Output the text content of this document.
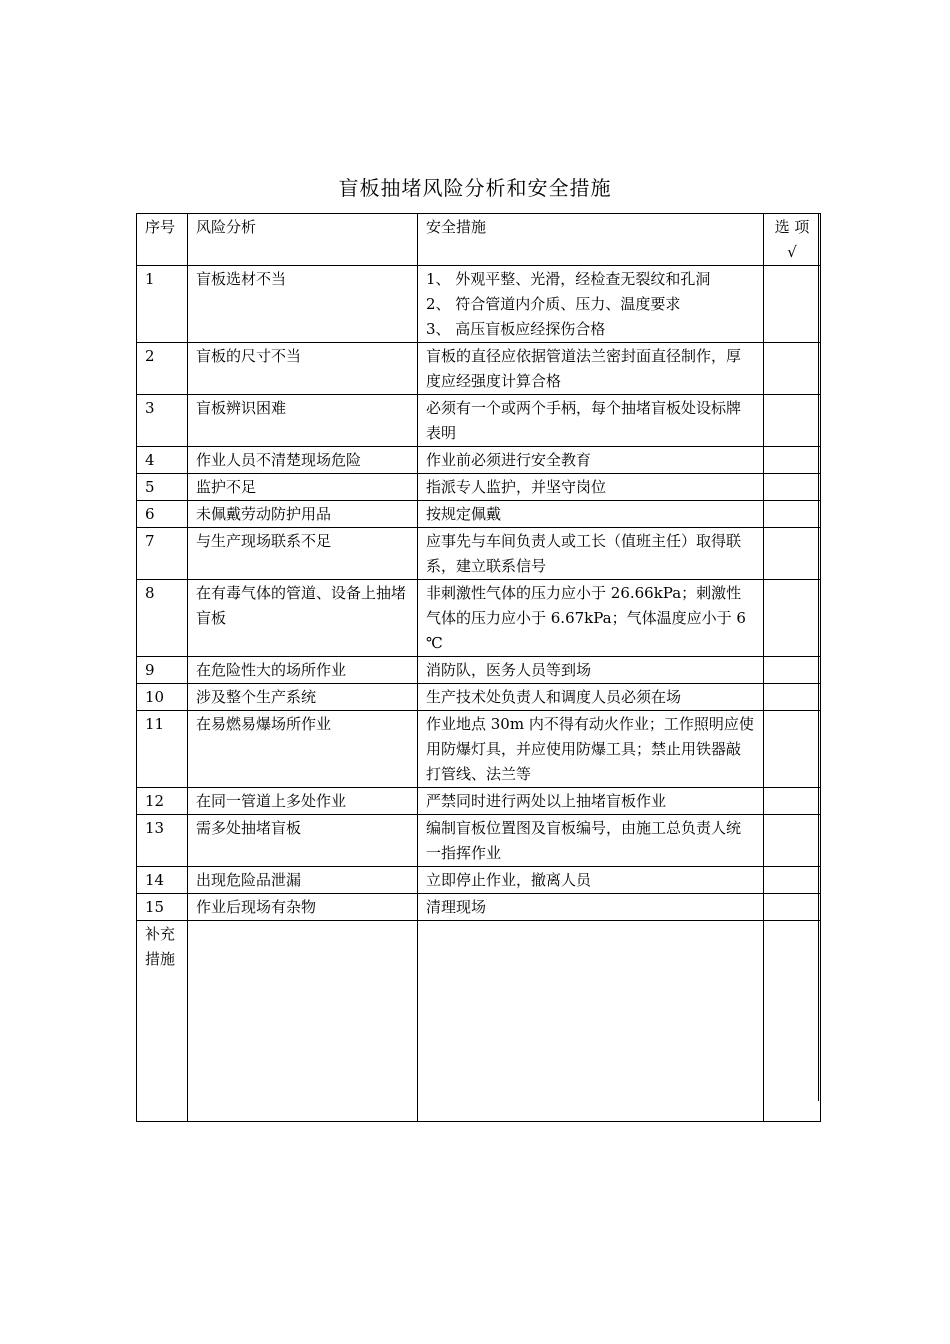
盲板抽堵风险分析和安全措施
序号	风险分析	安全措施	选 项 √
1	盲板选材不当	1、 外观平整、光滑，经检查无裂纹和孔洞
2、 符合管道内介质、压力、温度要求
3、 高压盲板应经探伤合格	
2	盲板的尺寸不当	盲板的直径应依据管道法兰密封面直径制作，厚度应经强度计算合格	
3	盲板辨识困难	必须有一个或两个手柄，每个抽堵盲板处设标牌表明	
4	作业人员不清楚现场危险	作业前必须进行安全教育	
5	监护不足	指派专人监护，并坚守岗位	
6	未佩戴劳动防护用品	按规定佩戴	
7	与生产现场联系不足	应事先与车间负责人或工长（值班主任）取得联系，建立联系信号	
8	在有毒气体的管道、设备上抽堵盲板	非刺激性气体的压力应小于 26.66kPa；刺激性气体的压力应小于 6.67kPa；气体温度应小于 6 ℃	
9	在危险性大的场所作业	消防队，医务人员等到场	
10	涉及整个生产系统	生产技术处负责人和调度人员必须在场	
11	在易燃易爆场所作业	作业地点 30m 内不得有动火作业；工作照明应使用防爆灯具，并应使用防爆工具；禁止用铁器敲打管线、法兰等	
12	在同一管道上多处作业	严禁同时进行两处以上抽堵盲板作业	
13	需多处抽堵盲板	编制盲板位置图及盲板编号，由施工总负责人统一指挥作业	
14	出现危险品泄漏	立即停止作业，撤离人员	
15	作业后现场有杂物	清理现场	
补充措施			
